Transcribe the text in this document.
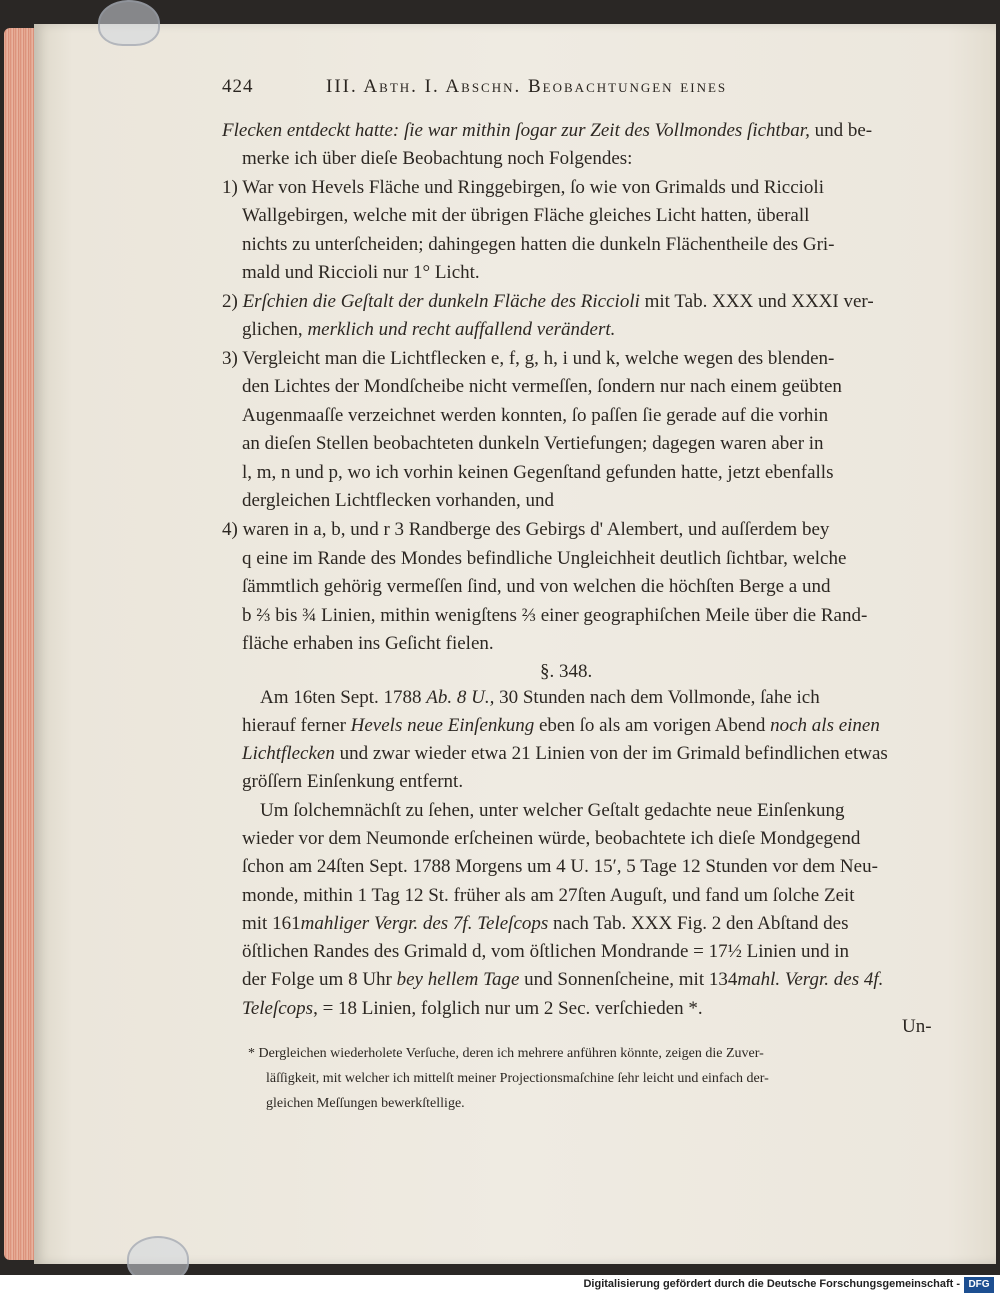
424	III. Abth. I. Abschn. Beobachtungen eines
Flecken entdeckt hatte: ſie war mithin ſogar zur Zeit des Vollmondes ſichtbar, und be-
merke ich über dieſe Beobachtung noch Folgendes:
1) War von Hevels Fläche und Ringgebirgen, ſo wie von Grimalds und Riccioli
Wallgebirgen, welche mit der übrigen Fläche gleiches Licht hatten, überall
nichts zu unterſcheiden; dahingegen hatten die dunkeln Flächentheile des Gri-
mald und Riccioli nur 1° Licht.
2) Erſchien die Geſtalt der dunkeln Fläche des Riccioli mit Tab. XXX und XXXI ver-
glichen, merklich und recht auffallend verändert.
3) Vergleicht man die Lichtflecken e, f, g, h, i und k, welche wegen des blenden-
den Lichtes der Mondſcheibe nicht vermeſſen, ſondern nur nach einem geübten
Augenmaaſſe verzeichnet werden konnten, ſo paſſen ſie gerade auf die vorhin
an dieſen Stellen beobachteten dunkeln Vertiefungen; dagegen waren aber in
l, m, n und p, wo ich vorhin keinen Gegenſtand gefunden hatte, jetzt ebenfalls
dergleichen Lichtflecken vorhanden, und
4) waren in a, b, und r 3 Randberge des Gebirgs d' Alembert, und auſſerdem bey
q eine im Rande des Mondes befindliche Ungleichheit deutlich ſichtbar, welche
ſämmtlich gehörig vermeſſen ſind, und von welchen die höchſten Berge a und
b ⅔ bis ¾ Linien, mithin wenigſtens ⅔ einer geographiſchen Meile über die Rand-
fläche erhaben ins Geſicht fielen.
§. 348.
Am 16ten Sept. 1788 Ab. 8 U., 30 Stunden nach dem Vollmonde, ſahe ich
hierauf ferner Hevels neue Einſenkung eben ſo als am vorigen Abend noch als einen
Lichtflecken und zwar wieder etwa 21 Linien von der im Grimald befindlichen etwas
gröſſern Einſenkung entfernt.
Um ſolchemnächſt zu ſehen, unter welcher Geſtalt gedachte neue Einſenkung
wieder vor dem Neumonde erſcheinen würde, beobachtete ich dieſe Mondgegend
ſchon am 24ſten Sept. 1788 Morgens um 4 U. 15′, 5 Tage 12 Stunden vor dem Neu-
monde, mithin 1 Tag 12 St. früher als am 27ſten Auguſt, und fand um ſolche Zeit
mit 161mahliger Vergr. des 7f. Teleſcops nach Tab. XXX Fig. 2 den Abſtand des
öſtlichen Randes des Grimald d, vom öſtlichen Mondrande = 17½ Linien und in
der Folge um 8 Uhr bey hellem Tage und Sonnenſcheine, mit 134mahl. Vergr. des 4f.
Teleſcops, = 18 Linien, folglich nur um 2 Sec. verſchieden *.
Un-
* Dergleichen wiederholete Verſuche, deren ich mehrere anführen könnte, zeigen die Zuver-
läſſigkeit, mit welcher ich mittelſt meiner Projectionsmaſchine ſehr leicht und einfach der-
gleichen Meſſungen bewerkſtellige.
Digitalisierung gefördert durch die Deutsche Forschungsgemeinschaft - DFG
